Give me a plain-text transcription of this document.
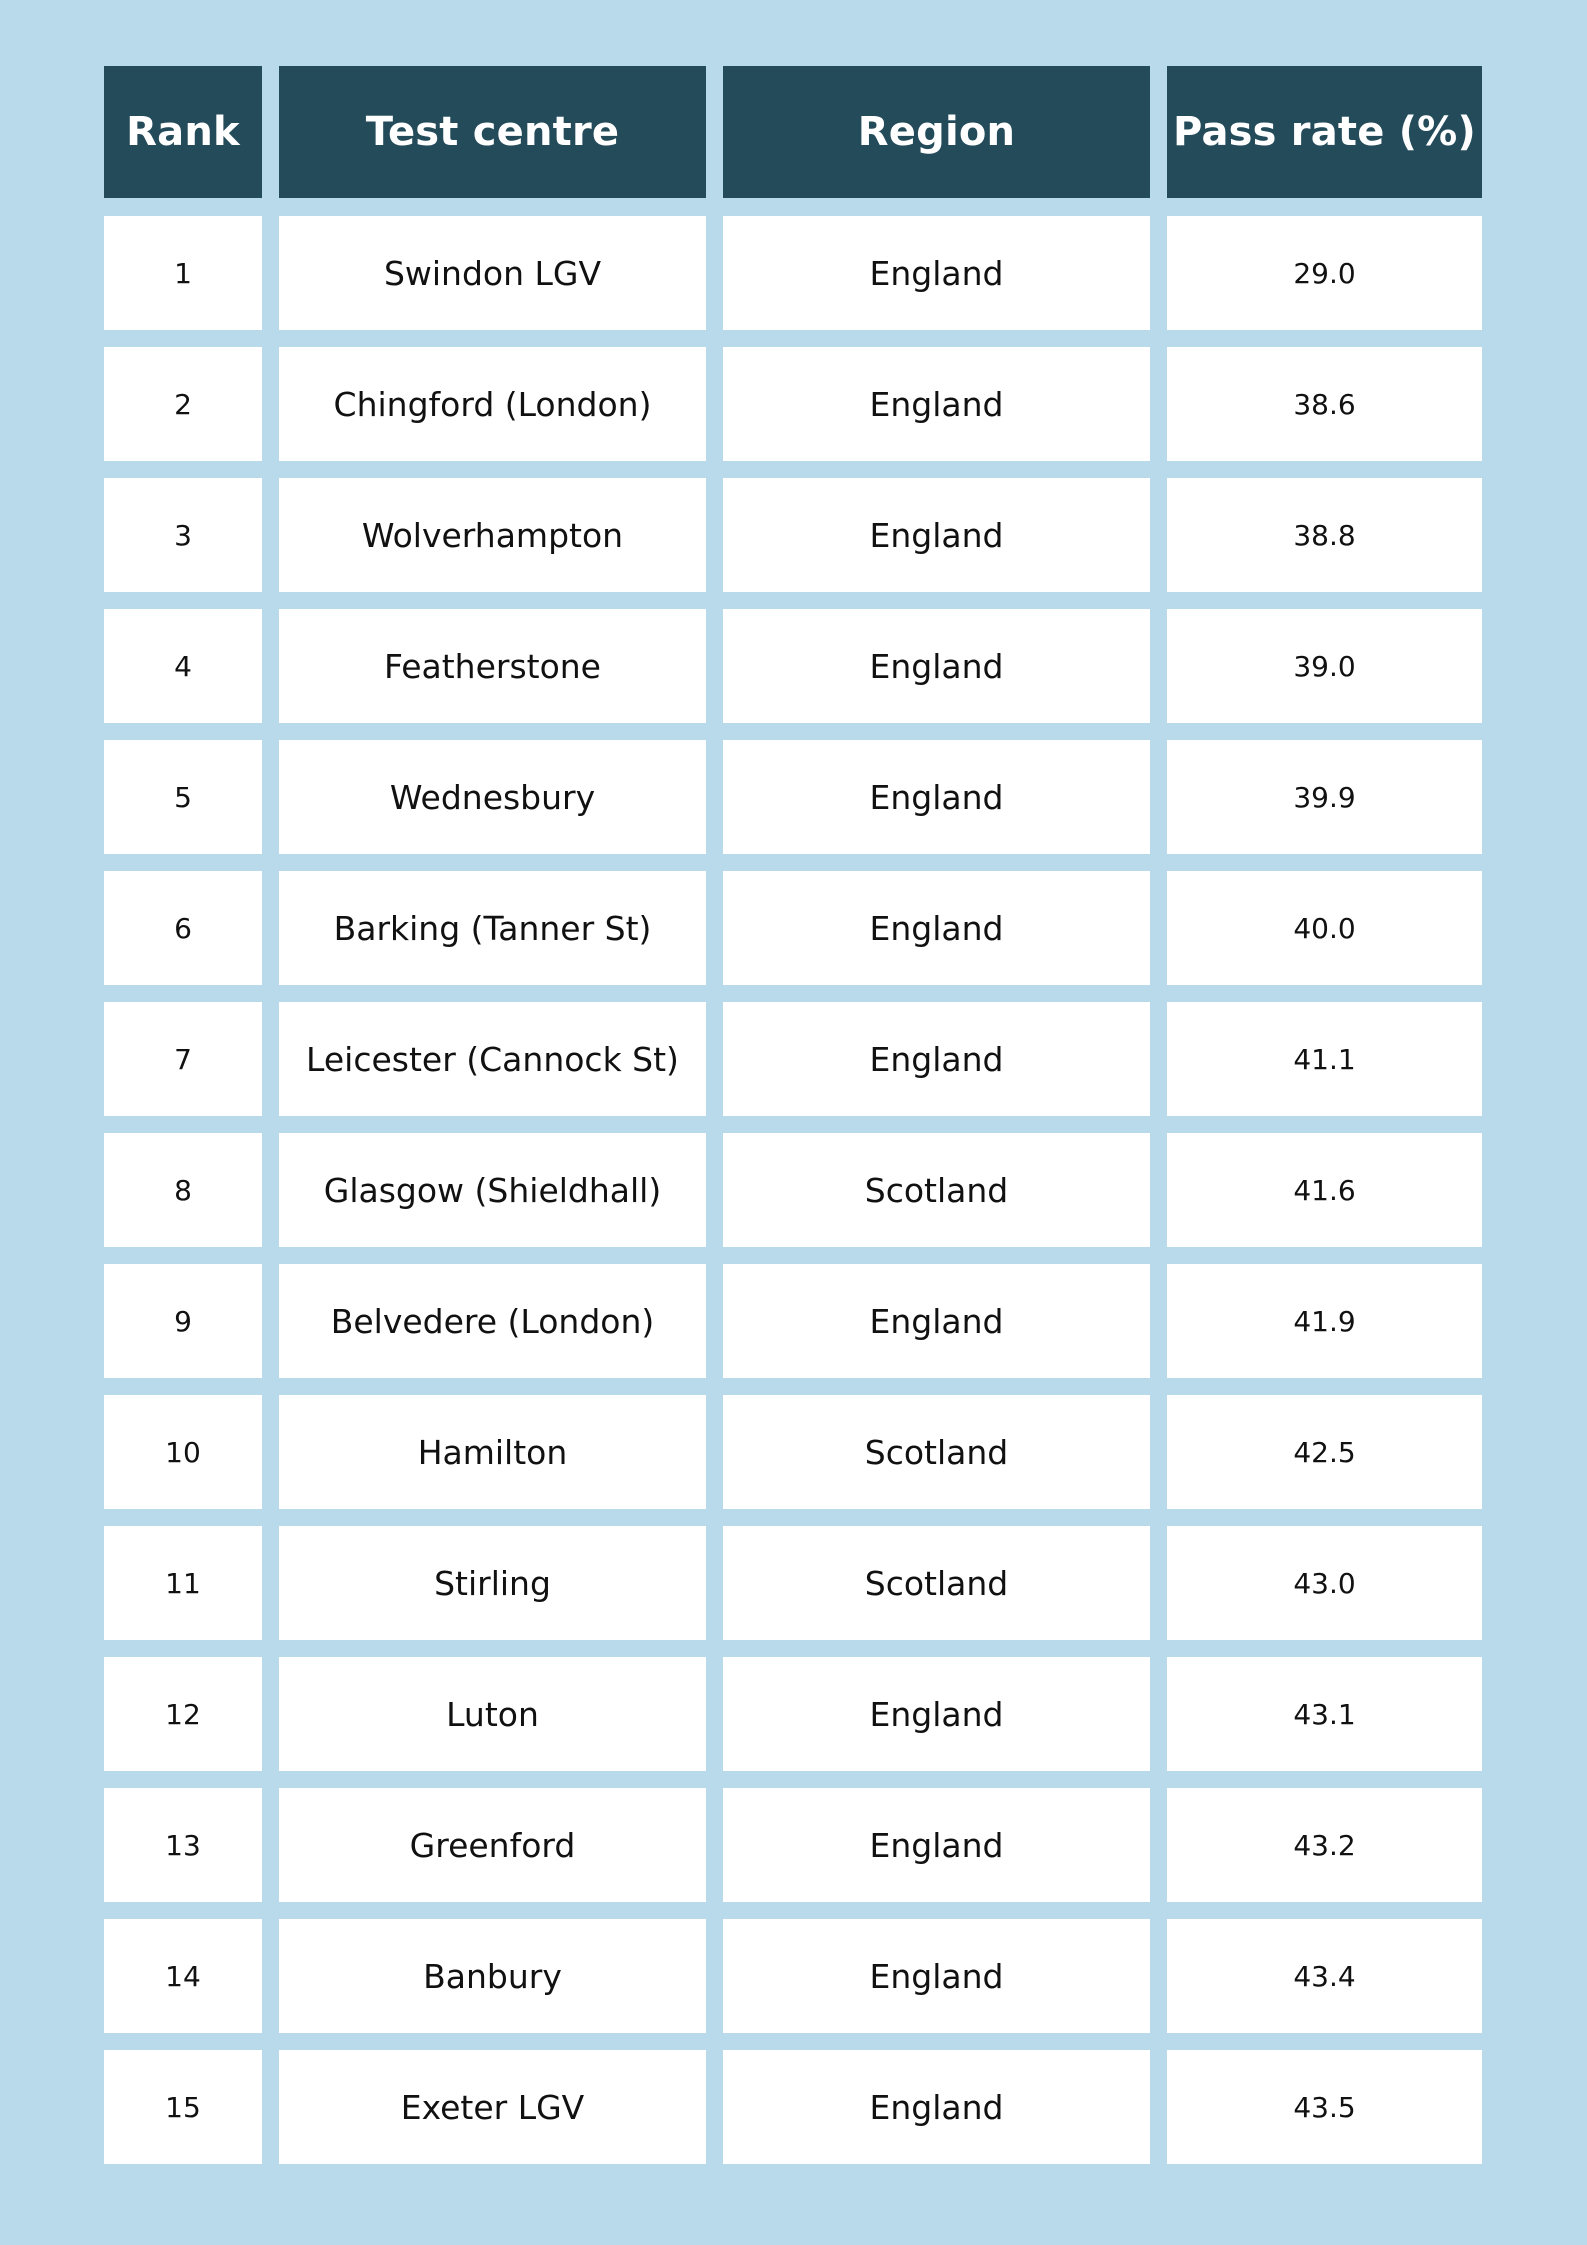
Rank	Test centre	Region	Pass rate (%)
1	Swindon LGV	England	29.0
2	Chingford (London)	England	38.6
3	Wolverhampton	England	38.8
4	Featherstone	England	39.0
5	Wednesbury	England	39.9
6	Barking (Tanner St)	England	40.0
7	Leicester (Cannock St)	England	41.1
8	Glasgow (Shieldhall)	Scotland	41.6
9	Belvedere (London)	England	41.9
10	Hamilton	Scotland	42.5
11	Stirling	Scotland	43.0
12	Luton	England	43.1
13	Greenford	England	43.2
14	Banbury	England	43.4
15	Exeter LGV	England	43.5
